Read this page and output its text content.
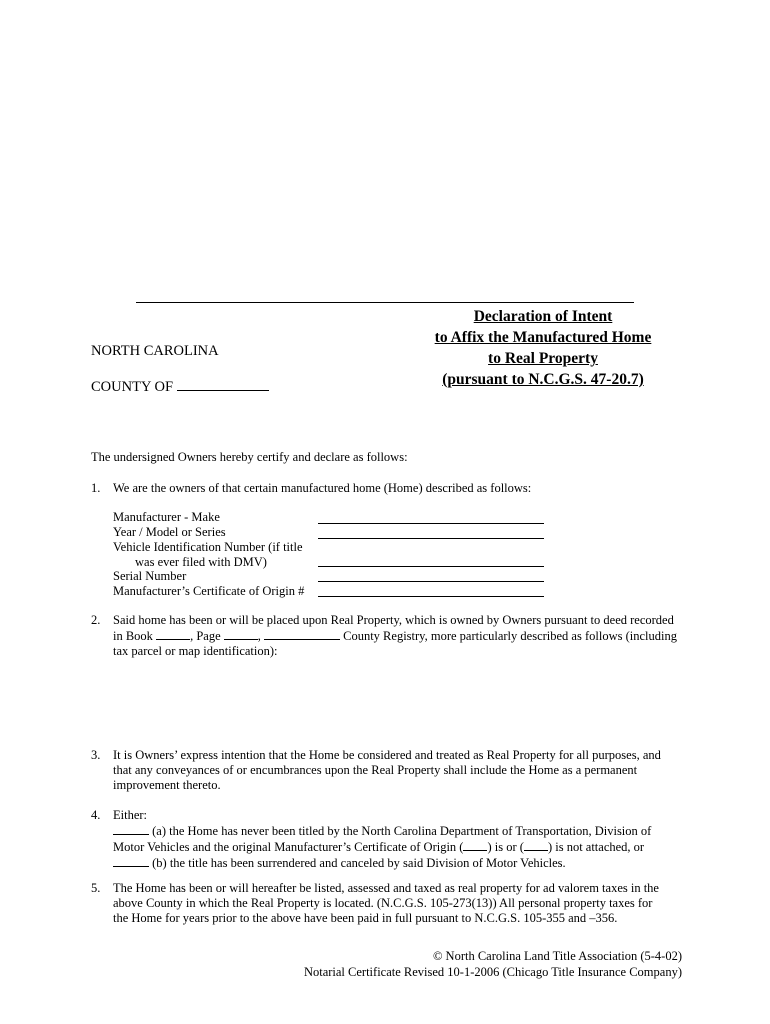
Declaration of Intent
to Affix the Manufactured Home
to Real Property
(pursuant to N.C.G.S. 47-20.7)
NORTH CAROLINA
COUNTY OF
The undersigned Owners hereby certify and declare as follows:
1. We are the owners of that certain manufactured home (Home) described as follows:
Manufacturer - Make
Year / Model or Series
Vehicle Identification Number (if title
was ever filed with DMV)
Serial Number
Manufacturer’s Certificate of Origin #
2. Said home has been or will be placed upon Real Property, which is owned by Owners pursuant to deed recorded
in Book	, Page	,	County Registry, more particularly described as follows (including
tax parcel or map identification):
3. It is Owners’ express intention that the Home be considered and treated as Real Property for all purposes, and
that any conveyances of or encumbrances upon the Real Property shall include the Home as a permanent
improvement thereto.
4. Either:
(a) the Home has never been titled by the North Carolina Department of Transportation, Division of
Motor Vehicles and the original Manufacturer’s Certificate of Origin ( ) is or ( ) is not attached, or
(b) the title has been surrendered and canceled by said Division of Motor Vehicles.
5. The Home has been or will hereafter be listed, assessed and taxed as real property for ad valorem taxes in the
above County in which the Real Property is located. (N.C.G.S. 105-273(13)) All personal property taxes for
the Home for years prior to the above have been paid in full pursuant to N.C.G.S. 105-355 and –356.
© North Carolina Land Title Association (5-4-02)
Notarial Certificate Revised 10-1-2006 (Chicago Title Insurance Company)
